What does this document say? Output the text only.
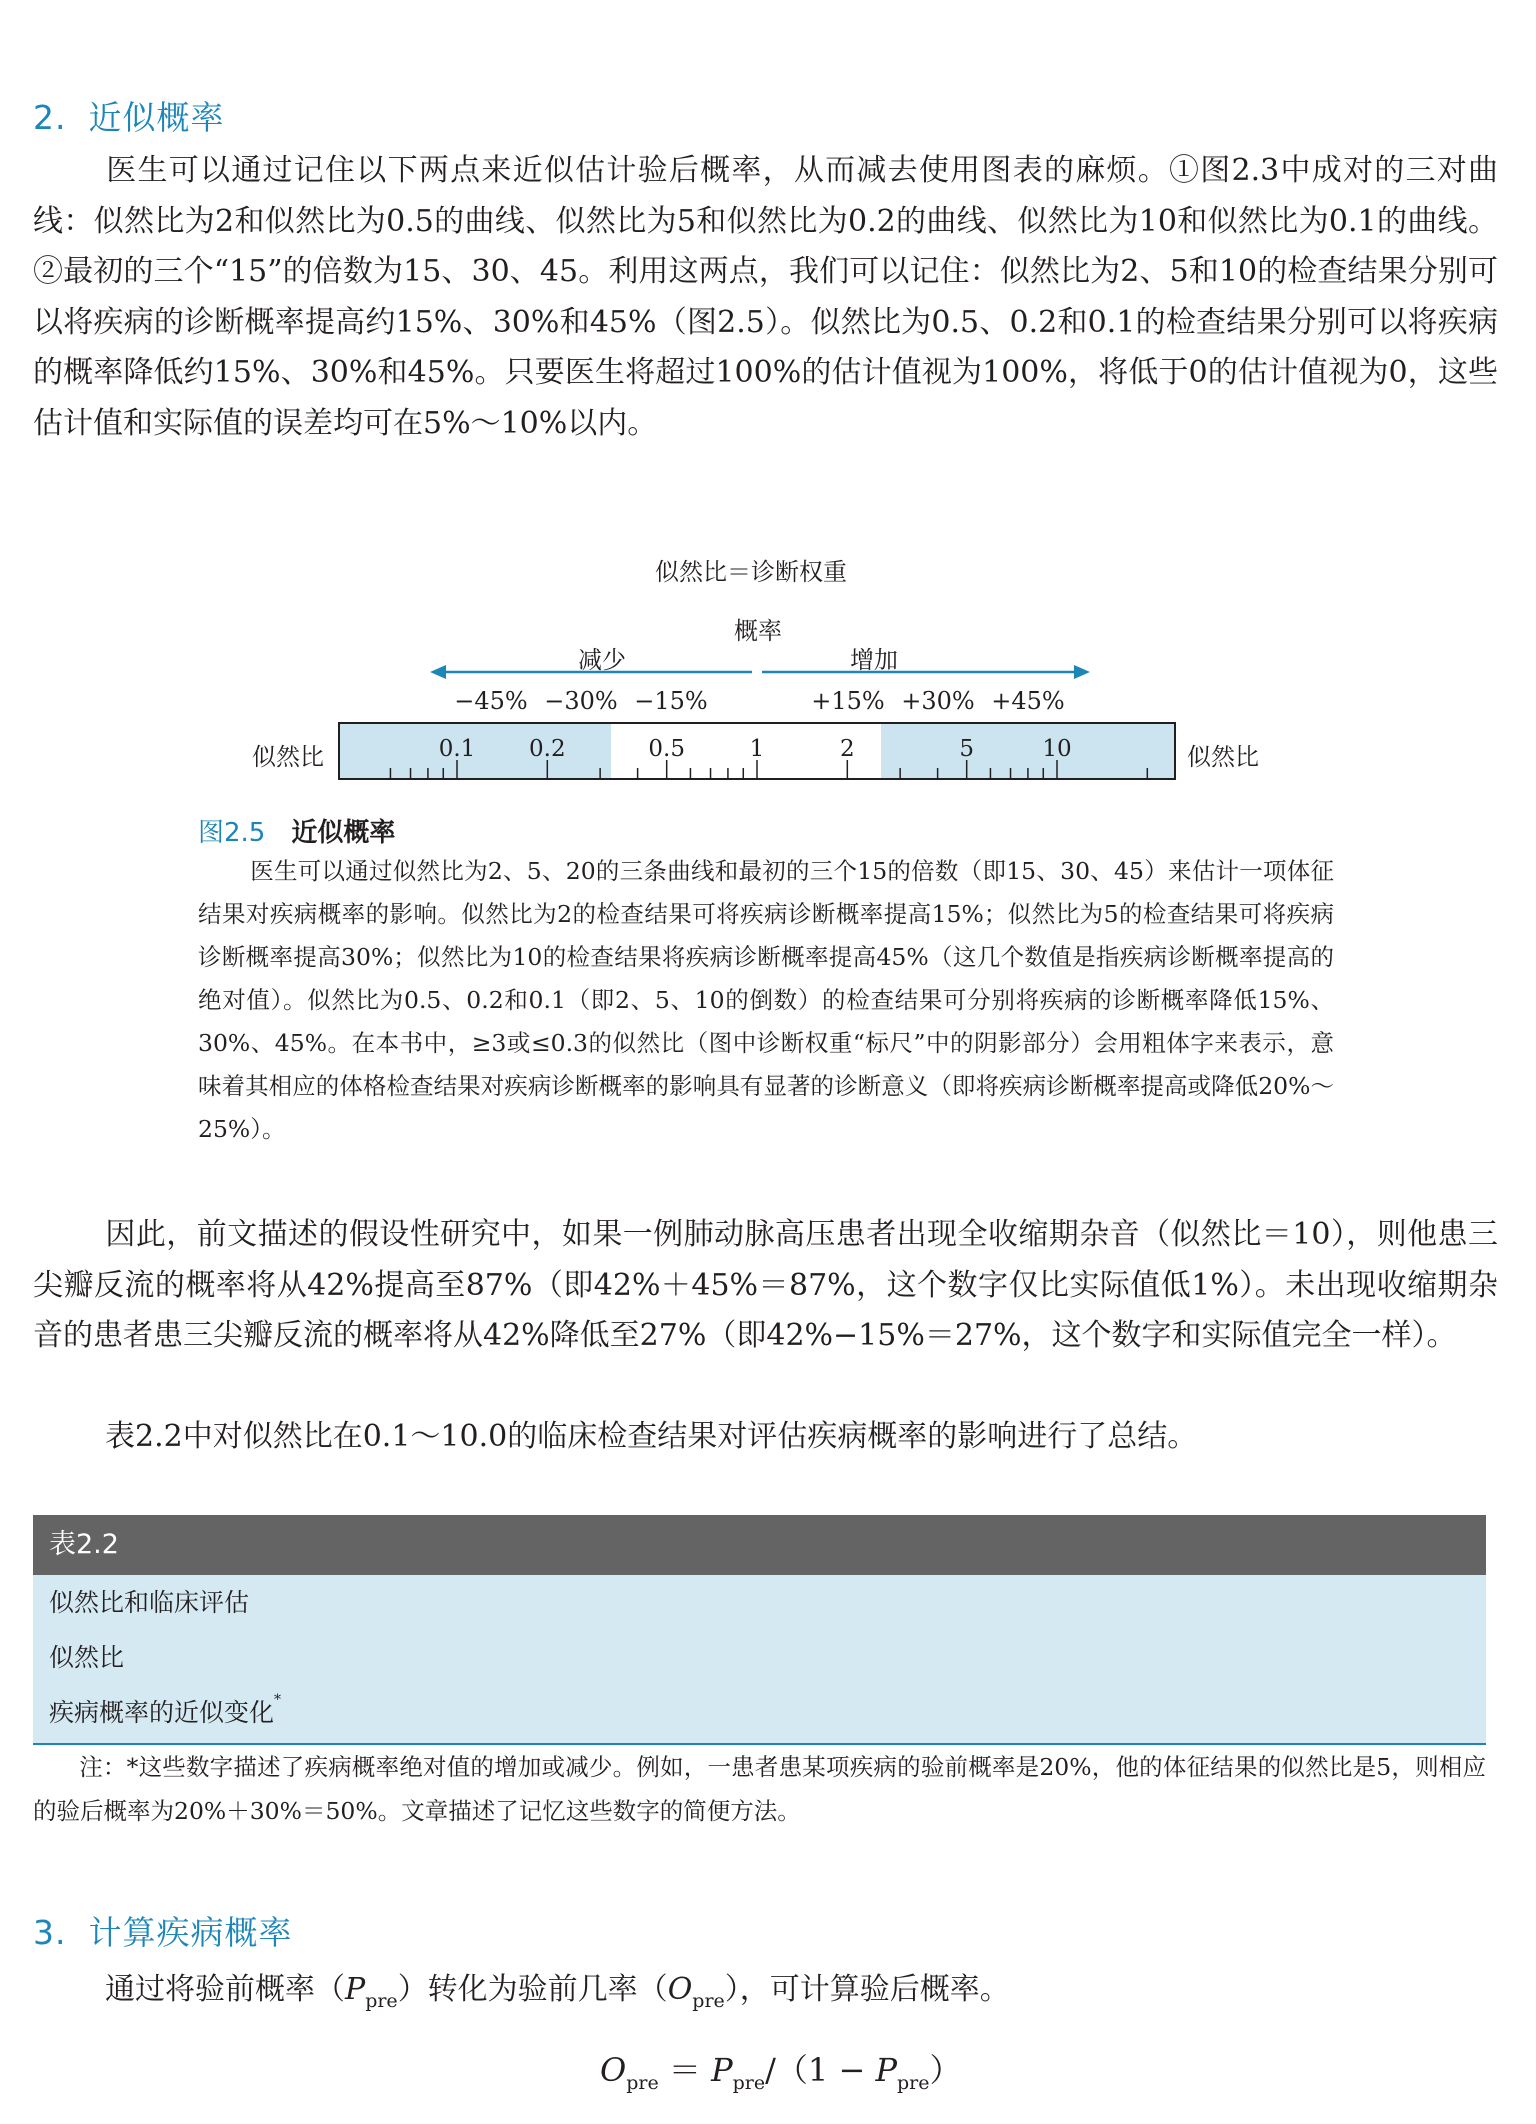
2. 近似概率

医生可以通过记住以下两点来近似估计验后概率，从而减去使用图表的麻烦。①图2.3中成对的三对曲线：似然比为2和似然比为0.5的曲线、似然比为5和似然比为0.2的曲线、似然比为10和似然比为0.1的曲线。②最初的三个“15”的倍数为15、30、45。利用这两点，我们可以记住：似然比为2、5和10的检查结果分别可以将疾病的诊断概率提高约15%、30%和45%（图2.5）。似然比为0.5、0.2和0.1的检查结果分别可以将疾病的概率降低约15%、30%和45%。只要医生将超过100%的估计值视为100%，将低于0的估计值视为0，这些估计值和实际值的误差均可在5%～10%以内。

似然比＝诊断权重
概率
减少	增加
−45% −30% −15%	+15% +30% +45%
似然比	似然比
0.1 0.2	0.5	1	2	5	10
图2.5 近似概率

医生可以通过似然比为2、5、20的三条曲线和最初的三个15的倍数（即15、30、45）来估计一项体征结果对疾病概率的影响。似然比为2的检查结果可将疾病诊断概率提高15%；似然比为5的检查结果可将疾病诊断概率提高30%；似然比为10的检查结果将疾病诊断概率提高45%（这几个数值是指疾病诊断概率提高的绝对值）。似然比为0.5、0.2和0.1（即2、5、10的倒数）的检查结果可分别将疾病的诊断概率降低15%、30%、45%。在本书中，≥3或≤0.3的似然比（图中诊断权重“标尺”中的阴影部分）会用粗体字来表示，意味着其相应的体格检查结果对疾病诊断概率的影响具有显著的诊断意义（即将疾病诊断概率提高或降低20%～25%）。

因此，前文描述的假设性研究中，如果一例肺动脉高压患者出现全收缩期杂音（似然比＝10），则他患三尖瓣反流的概率将从42%提高至87%（即42%＋45%＝87%，这个数字仅比实际值低1%）。未出现收缩期杂音的患者患三尖瓣反流的概率将从42%降低至27%（即42%−15%＝27%，这个数字和实际值完全一样）。

表2.2中对似然比在0.1～10.0的临床检查结果对评估疾病概率的影响进行了总结。

表2.2
似然比和临床评估
似然比
疾病概率的近似变化*

注：*这些数字描述了疾病概率绝对值的增加或减少。例如，一患者患某项疾病的验前概率是20%，他的体征结果的似然比是5，则相应的验后概率为20%＋30%＝50%。文章描述了记忆这些数字的简便方法。

3. 计算疾病概率

通过将验前概率$(P_{pre})$转化为验前几率$(O_{pre})$，可计算验后概率。

$O_{pre} = P_{pre}/(1 - P_{pre})$
